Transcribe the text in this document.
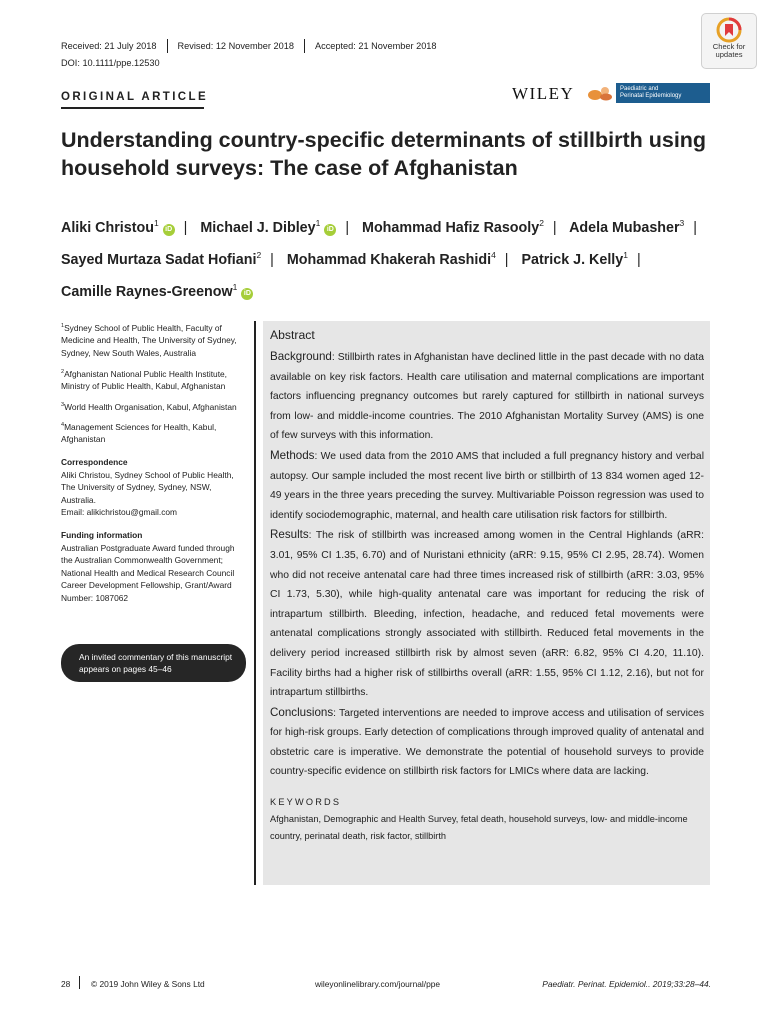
Received: 21 July 2018 Revised: 12 November 2018 Accepted: 21 November 2018
DOI: 10.1111/ppe.12530
Check for
updates
ORIGINAL ARTICLE	WILEY	Paediatric and
Perinatal Epidemiology
Understanding country-specific determinants of stillbirth using household surveys: The case of Afghanistan
Aliki Christou$^1$iD | Michael J. Dibley$^1$iD | Mohammad Hafiz Rasooly$^2$ | Adela Mubasher$^3$ |
Sayed Murtaza Sadat Hofiani$^2$ | Mohammad Khakerah Rashidi$^4$ | Patrick J. Kelly$^1$ |
Camille Raynes-Greenow$^1$iD
$^1$Sydney School of Public Health, Faculty of Medicine and Health, The University of Sydney, Sydney, New South Wales, Australia
$^2$Afghanistan National Public Health Institute, Ministry of Public Health, Kabul, Afghanistan
$^3$World Health Organisation, Kabul, Afghanistan
$^4$Management Sciences for Health, Kabul, Afghanistan
Correspondence
Aliki Christou, Sydney School of Public Health, The University of Sydney, Sydney, NSW, Australia.
Email: alikichristou@gmail.com
Funding information
Australian Postgraduate Award funded through the Australian Commonwealth Government; National Health and Medical Research Council Career Development Fellowship, Grant/Award Number: 1087062
An invited commentary of this manuscript appears on pages 45–46
Abstract

Background: Stillbirth rates in Afghanistan have declined little in the past decade with no data available on key risk factors. Health care utilisation and maternal complications are important factors influencing pregnancy outcomes but rarely captured for stillbirth in national surveys from low- and middle-income countries. The 2010 Afghanistan Mortality Survey (AMS) is one of few surveys with this information.

Methods: We used data from the 2010 AMS that included a full pregnancy history and verbal autopsy. Our sample included the most recent live birth or stillbirth of 13 834 women aged 12-49 years in the three years preceding the survey. Multivariable Poisson regression was used to identify sociodemographic, maternal, and health care utilisation risk factors for stillbirth.

Results: The risk of stillbirth was increased among women in the Central Highlands (aRR: 3.01, 95% CI 1.35, 6.70) and of Nuristani ethnicity (aRR: 9.15, 95% CI 2.95, 28.74). Women who did not receive antenatal care had three times increased risk of stillbirth (aRR: 3.03, 95% CI 1.73, 5.30), while high-quality antenatal care was important for reducing the risk of intrapartum stillbirth. Bleeding, infection, headache, and reduced fetal movements were antenatal complications strongly associated with stillbirth. Reduced fetal movements in the delivery period increased stillbirth risk by almost seven (aRR: 6.82, 95% CI 4.20, 11.10). Facility births had a higher risk of stillbirths overall (aRR: 1.55, 95% CI 1.12, 2.16), but not for intrapartum stillbirths.

Conclusions: Targeted interventions are needed to improve access and utilisation of services for high-risk groups. Early detection of complications through improved quality of antenatal and obstetric care is imperative. We demonstrate the potential of household surveys to provide country-specific evidence on stillbirth risk factors for LMICs where data are lacking.

KEYWORDS
Afghanistan, Demographic and Health Survey, fetal death, household surveys, low- and middle-income country, perinatal death, risk factor, stillbirth
28 © 2019 John Wiley & Sons Ltd	wileyonlinelibrary.com/journal/ppe	Paediatr. Perinat. Epidemiol.. 2019;33:28–44.
